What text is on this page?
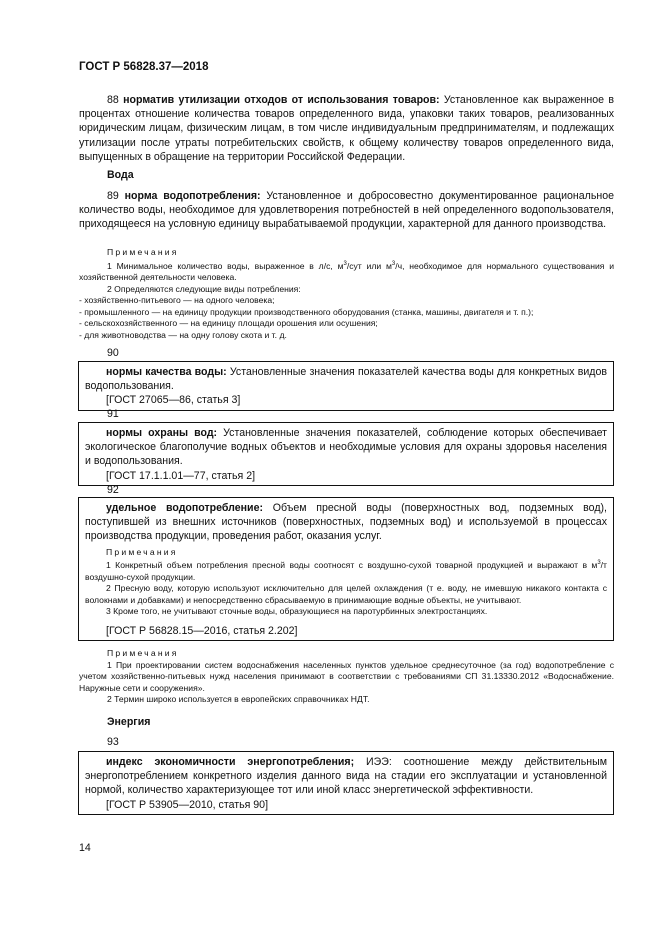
ГОСТ Р 56828.37—2018
88 норматив утилизации отходов от использования товаров: Установленное как выраженное в процентах отношение количества товаров определенного вида, упаковки таких товаров, реализованных юридическим лицам, физическим лицам, в том числе индивидуальным предпринимателям, и подлежащих утилизации после утраты потребительских свойств, к общему количеству товаров определенного вида, выпущенных в обращение на территории Российской Федерации.
Вода
89 норма водопотребления: Установленное и добросовестно документированное рациональное количество воды, необходимое для удовлетворения потребностей в ней определенного водопользователя, приходящееся на условную единицу вырабатываемой продукции, характерной для данного производства.
Примечания
1 Минимальное количество воды, выраженное в л/с, $м^3$/сут или $м^3/ч$, необходимое для нормального существования и хозяйственной деятельности человека.
2 Определяются следующие виды потребления:
- хозяйственно-питьевого — на одного человека;
- промышленного — на единицу продукции производственного оборудования (станка, машины, двигателя и т. п.);
- сельскохозяйственного — на единицу площади орошения или осушения;
- для животноводства — на одну голову скота и т. д.
90
нормы качества воды: Установленные значения показателей качества воды для конкретных видов водопользования.
[ГОСТ 27065—86, статья 3]
91
нормы охраны вод: Установленные значения показателей, соблюдение которых обеспечивает экологическое благополучие водных объектов и необходимые условия для охраны здоровья населения и водопользования.
[ГОСТ 17.1.1.01—77, статья 2]
92
удельное водопотребление: Объем пресной воды (поверхностных вод, подземных вод), поступившей из внешних источников (поверхностных, подземных вод) и используемой в процессах производства продукции, проведения работ, оказания услуг.
Примечания
1 Конкретный объем потребления пресной воды соотносят с воздушно-сухой товарной продукцией и выражают в $м^3/т$ воздушно-сухой продукции.
2 Пресную воду, которую используют исключительно для целей охлаждения (т е. воду, не имевшую никакого контакта с волокнами и добавками) и непосредственно сбрасываемую в принимающие водные объекты, не учитывают.
3 Кроме того, не учитывают сточные воды, образующиеся на паротурбинных электростанциях.
[ГОСТ Р 56828.15—2016, статья 2.202]
Примечания
1 При проектировании систем водоснабжения населенных пунктов удельное среднесуточное (за год) водопотребление с учетом хозяйственно-питьевых нужд населения принимают в соответствии с требованиями СП 31.13330.2012 «Водоснабжение. Наружные сети и сооружения».
2 Термин широко используется в европейских справочниках НДТ.
Энергия
93
индекс экономичности энергопотребления; ИЭЭ: соотношение между действительным энергопотреблением конкретного изделия данного вида на стадии его эксплуатации и установленной нормой, количество характеризующее тот или иной класс энергетической эффективности.
[ГОСТ Р 53905—2010, статья 90]
14
